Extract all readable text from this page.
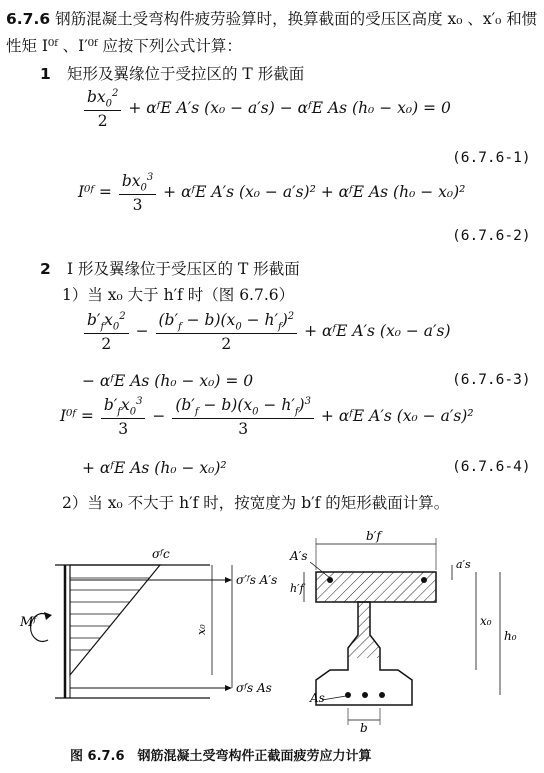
6.7.6 钢筋混凝土受弯构件疲劳验算时，换算截面的受压区高度 x₀ 、x′₀ 和惯性矩 I⁰ᶠ 、I′⁰ᶠ 应按下列公式计算：
1 矩形及翼缘位于受拉区的 T 形截面
$\frac{bx_0^2}{2}$ + αᶠE A′s (x₀ − a′s) − αᶠE As (h₀ − x₀) = 0
(6.7.6-1)
I⁰ᶠ = $\frac{bx_0^3}{3}$ + αᶠE A′s (x₀ − a′s)² + αᶠE As (h₀ − x₀)²
(6.7.6-2)
2 I 形及翼缘位于受压区的 T 形截面
1）当 x₀ 大于 h′f 时（图 6.7.6）
$\frac{b'_fx_0^2}{2} - \frac{(b'_f - b)(x_0 - h'_f)^2}{2}$ + αᶠE A′s (x₀ − a′s)
− αᶠE As (h₀ − x₀) = 0	(6.7.6-3)
I⁰ᶠ = $\frac{b'_fx_0^3}{3} - \frac{(b'_f - b)(x_0 - h'_f)^3}{3}$ + αᶠE A′s (x₀ − a′s)²
+ αᶠE As (h₀ − x₀)²	(6.7.6-4)
2）当 x₀ 不大于 h′f 时，按宽度为 b′f 的矩形截面计算。
Mᶠ
σᶠc
σ′ᶠs A′s
σᶠs As
x₀
b′f
h′f
A′s
a′s
x₀
h₀
As
b
图 6.7.6　钢筋混凝土受弯构件正截面疲劳应力计算
